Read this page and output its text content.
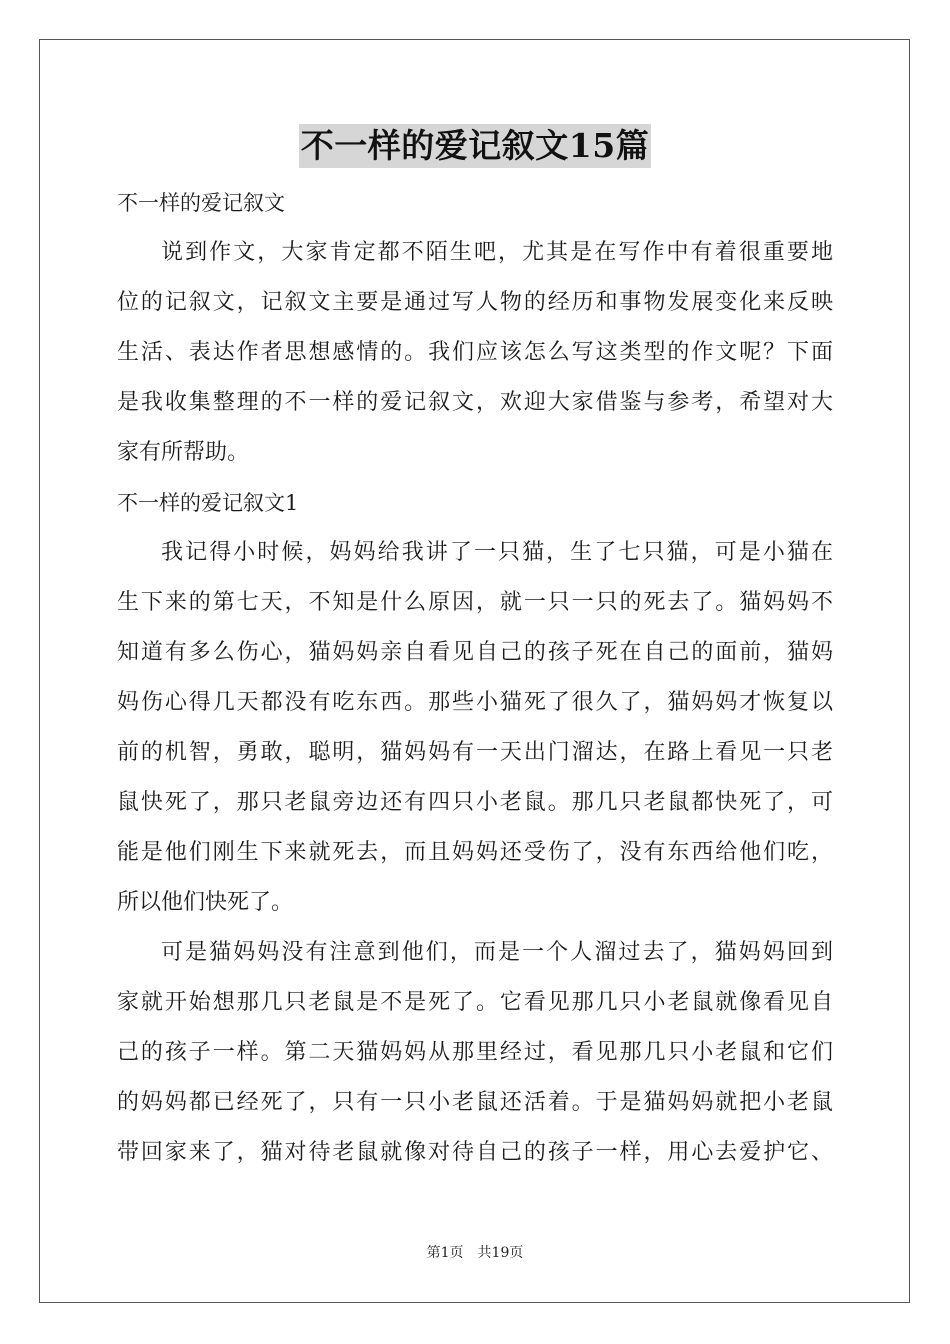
不一样的爱记叙文15篇
不一样的爱记叙文
说到作文，大家肯定都不陌生吧，尤其是在写作中有着很重要地
位的记叙文，记叙文主要是通过写人物的经历和事物发展变化来反映
生活、表达作者思想感情的。我们应该怎么写这类型的作文呢？下面
是我收集整理的不一样的爱记叙文，欢迎大家借鉴与参考，希望对大
家有所帮助。
不一样的爱记叙文1
我记得小时候，妈妈给我讲了一只猫，生了七只猫，可是小猫在
生下来的第七天，不知是什么原因，就一只一只的死去了。猫妈妈不
知道有多么伤心，猫妈妈亲自看见自己的孩子死在自己的面前，猫妈
妈伤心得几天都没有吃东西。那些小猫死了很久了，猫妈妈才恢复以
前的机智，勇敢，聪明，猫妈妈有一天出门溜达，在路上看见一只老
鼠快死了，那只老鼠旁边还有四只小老鼠。那几只老鼠都快死了，可
能是他们刚生下来就死去，而且妈妈还受伤了，没有东西给他们吃，
所以他们快死了。
可是猫妈妈没有注意到他们，而是一个人溜过去了，猫妈妈回到
家就开始想那几只老鼠是不是死了。它看见那几只小老鼠就像看见自
己的孩子一样。第二天猫妈妈从那里经过，看见那几只小老鼠和它们
的妈妈都已经死了，只有一只小老鼠还活着。于是猫妈妈就把小老鼠
带回家来了，猫对待老鼠就像对待自己的孩子一样，用心去爱护它、
第1页 共19页
